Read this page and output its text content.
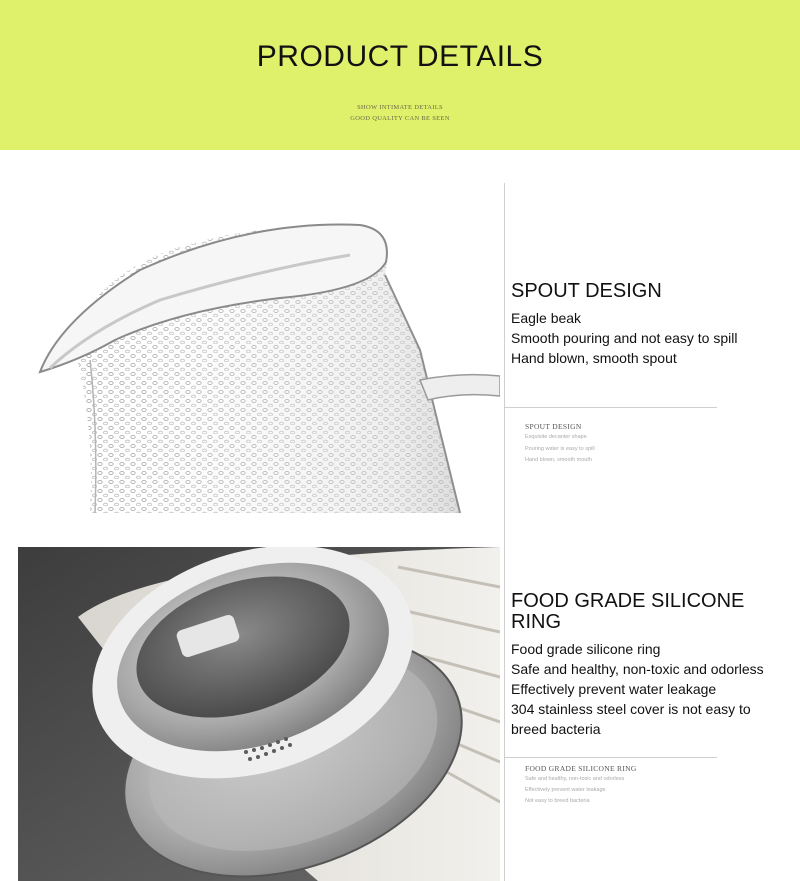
PRODUCT DETAILS
SHOW INTIMATE DETAILS
GOOD QUALITY CAN BE SEEN
SPOUT DESIGN
Eagle beak
Smooth pouring and not easy to spill
Hand blown, smooth spout
SPOUT DESIGN
Exquisite decanter shape
Pouring water is easy to spill
Hand blown, smooth mouth
FOOD GRADE SILICONE RING
Food grade silicone ring
Safe and healthy, non-toxic and odorless
Effectively prevent water leakage
304 stainless steel cover is not easy to
breed bacteria
FOOD GRADE SILICONE RING
Safe and healthy, non-toxic and odorless
Effectively prevent water leakage
Not easy to breed bacteria
